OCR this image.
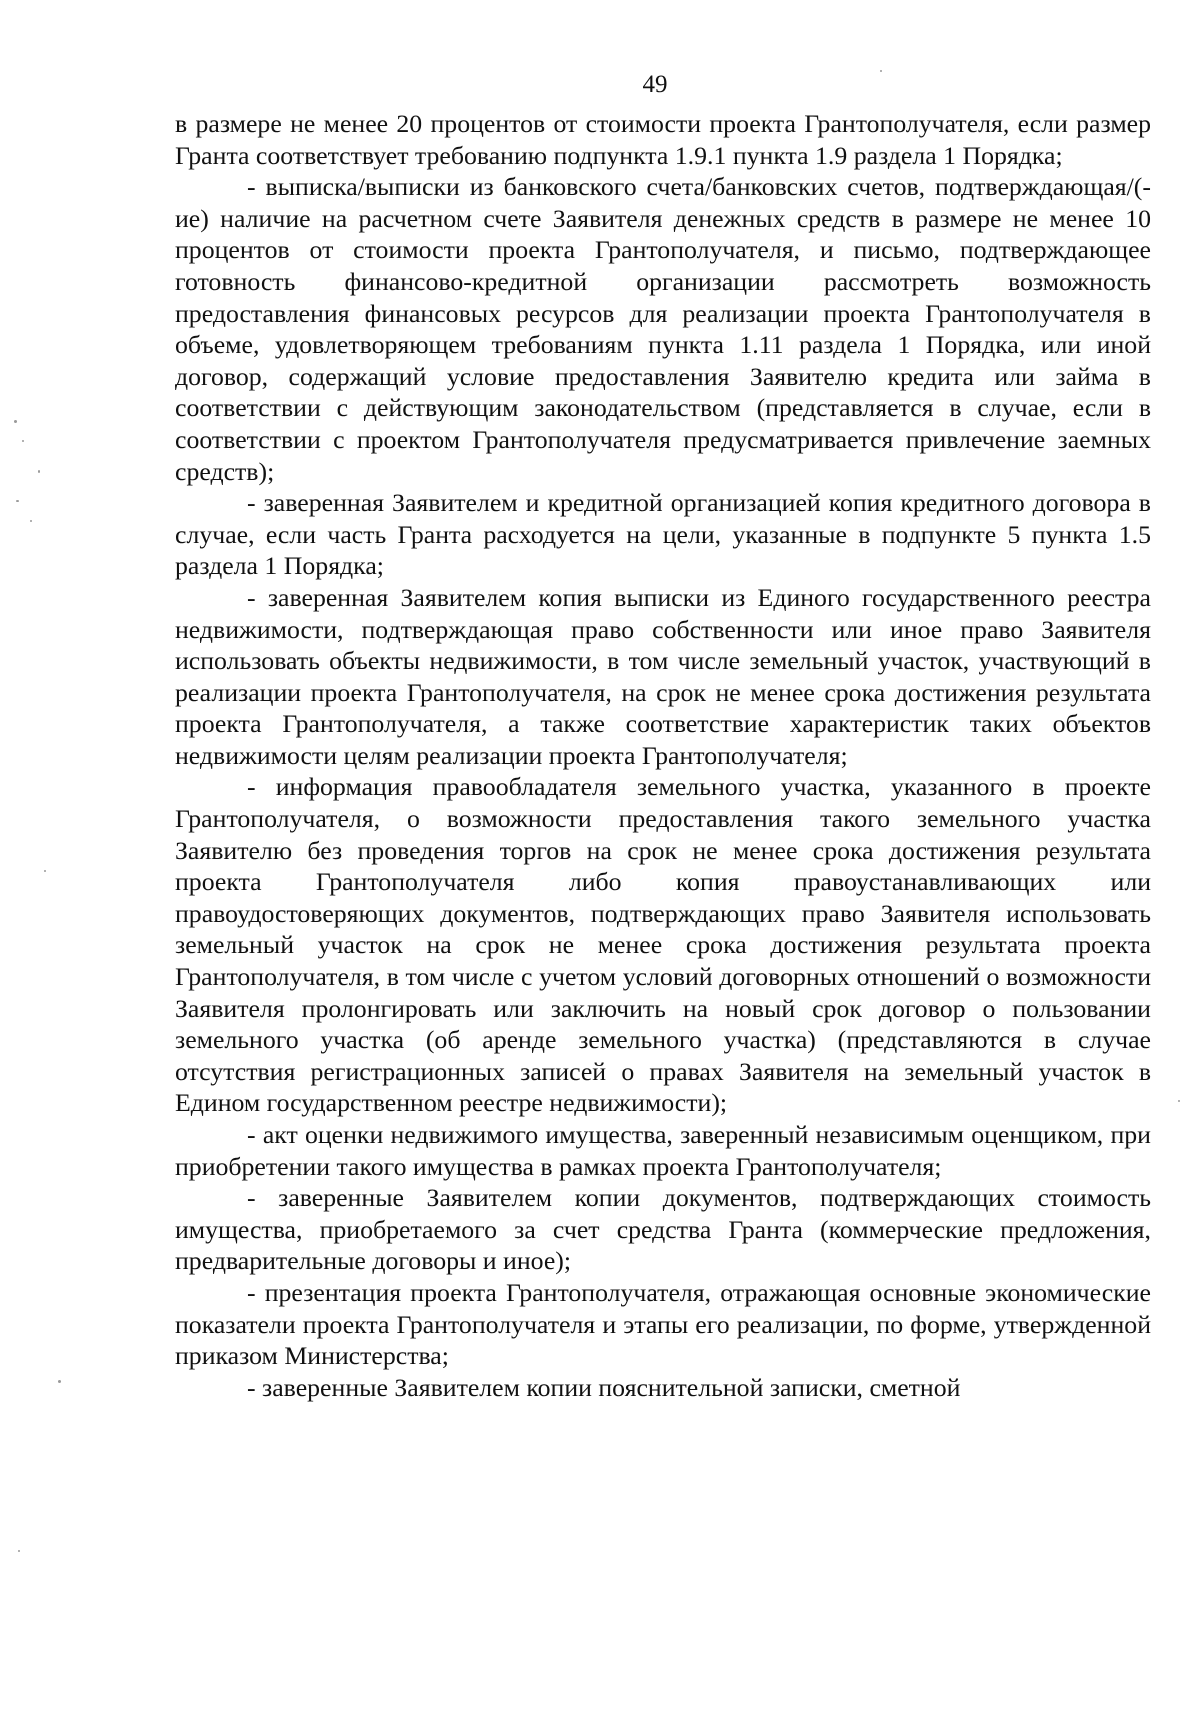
49

в размере не менее 20 процентов от стоимости проекта Грантополучателя, если размер Гранта соответствует требованию подпункта 1.9.1 пункта 1.9 раздела 1 Порядка;

- выписка/выписки из банковского счета/банковских счетов, подтверждающая/(-ие) наличие на расчетном счете Заявителя денежных средств в размере не менее 10 процентов от стоимости проекта Грантополучателя, и письмо, подтверждающее готовность финансово-кредитной организации рассмотреть возможность предоставления финансовых ресурсов для реализации проекта Грантополучателя в объеме, удовлетворяющем требованиям пункта 1.11 раздела 1 Порядка, или иной договор, содержащий условие предоставления Заявителю кредита или займа в соответствии с действующим законодательством (представляется в случае, если в соответствии с проектом Грантополучателя предусматривается привлечение заемных средств);

- заверенная Заявителем и кредитной организацией копия кредитного договора в случае, если часть Гранта расходуется на цели, указанные в подпункте 5 пункта 1.5 раздела 1 Порядка;

- заверенная Заявителем копия выписки из Единого государственного реестра недвижимости, подтверждающая право собственности или иное право Заявителя использовать объекты недвижимости, в том числе земельный участок, участвующий в реализации проекта Грантополучателя, на срок не менее срока достижения результата проекта Грантополучателя, а также соответствие характеристик таких объектов недвижимости целям реализации проекта Грантополучателя;

- информация правообладателя земельного участка, указанного в проекте Грантополучателя, о возможности предоставления такого земельного участка Заявителю без проведения торгов на срок не менее срока достижения результата проекта Грантополучателя либо копия правоустанавливающих или правоудостоверяющих документов, подтверждающих право Заявителя использовать земельный участок на срок не менее срока достижения результата проекта Грантополучателя, в том числе с учетом условий договорных отношений о возможности Заявителя пролонгировать или заключить на новый срок договор о пользовании земельного участка (об аренде земельного участка) (представляются в случае отсутствия регистрационных записей о правах Заявителя на земельный участок в Едином государственном реестре недвижимости);

- акт оценки недвижимого имущества, заверенный независимым оценщиком, при приобретении такого имущества в рамках проекта Грантополучателя;

- заверенные Заявителем копии документов, подтверждающих стоимость имущества, приобретаемого за счет средства Гранта (коммерческие предложения, предварительные договоры и иное);

- презентация проекта Грантополучателя, отражающая основные экономические показатели проекта Грантополучателя и этапы его реализации, по форме, утвержденной приказом Министерства;

- заверенные Заявителем копии пояснительной записки, сметной
